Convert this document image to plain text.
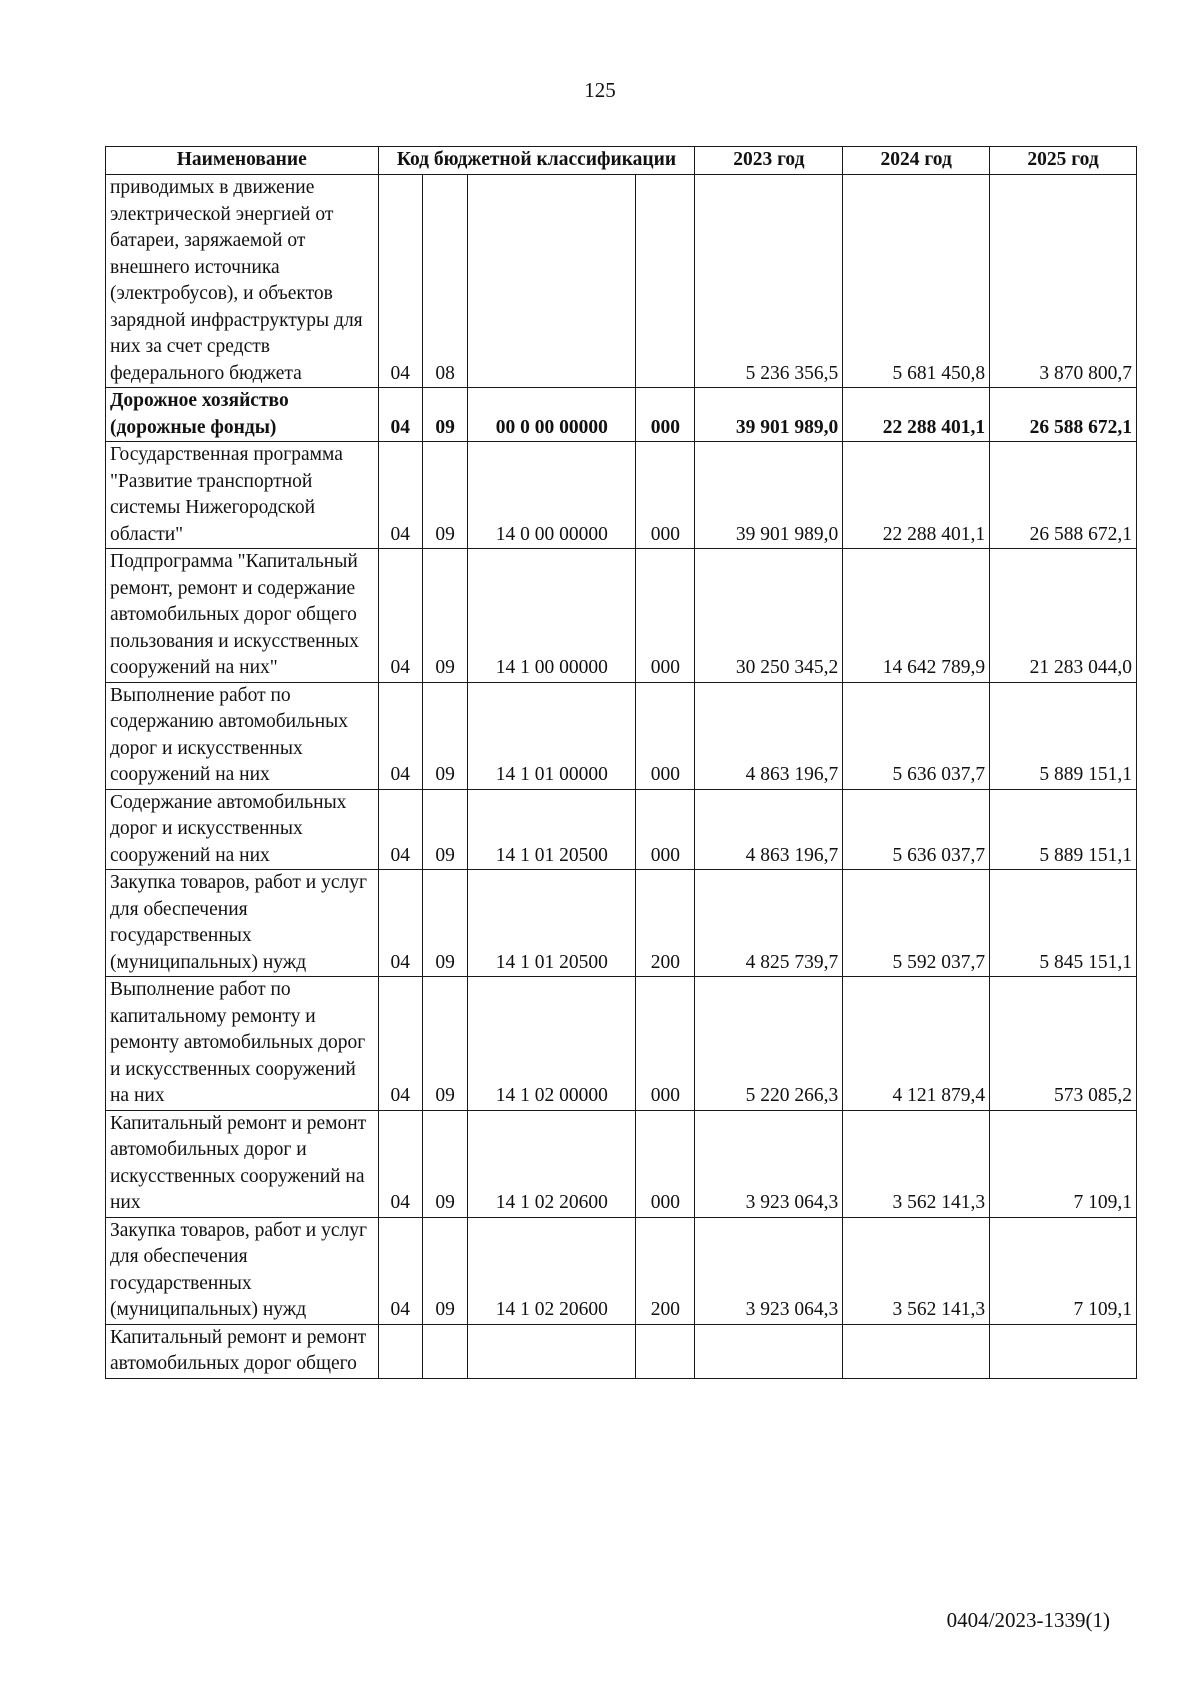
125
Наименование	Код бюджетной классификации				2023 год	2024 год	2025 год
приводимых в движение электрической энергией от батареи, заряжаемой от внешнего источника (электробусов), и объектов зарядной инфраструктуры для них за счет средств федерального бюджета	04	08			5 236 356,5	5 681 450,8	3 870 800,7
Дорожное хозяйство (дорожные фонды)	04	09	00 0 00 00000	000	39 901 989,0	22 288 401,1	26 588 672,1
Государственная программа "Развитие транспортной системы Нижегородской области"	04	09	14 0 00 00000	000	39 901 989,0	22 288 401,1	26 588 672,1
Подпрограмма "Капитальный ремонт, ремонт и содержание автомобильных дорог общего пользования и искусственных сооружений на них"	04	09	14 1 00 00000	000	30 250 345,2	14 642 789,9	21 283 044,0
Выполнение работ по содержанию автомобильных дорог и искусственных сооружений на них	04	09	14 1 01 00000	000	4 863 196,7	5 636 037,7	5 889 151,1
Содержание автомобильных дорог и искусственных сооружений на них	04	09	14 1 01 20500	000	4 863 196,7	5 636 037,7	5 889 151,1
Закупка товаров, работ и услуг для обеспечения государственных (муниципальных) нужд	04	09	14 1 01 20500	200	4 825 739,7	5 592 037,7	5 845 151,1
Выполнение работ по капитальному ремонту и ремонту автомобильных дорог и искусственных сооружений на них	04	09	14 1 02 00000	000	5 220 266,3	4 121 879,4	573 085,2
Капитальный ремонт и ремонт автомобильных дорог и искусственных сооружений на них	04	09	14 1 02 20600	000	3 923 064,3	3 562 141,3	7 109,1
Закупка товаров, работ и услуг для обеспечения государственных (муниципальных) нужд	04	09	14 1 02 20600	200	3 923 064,3	3 562 141,3	7 109,1
Капитальный ремонт и ремонт автомобильных дорог общего							
0404/2023-1339(1)
